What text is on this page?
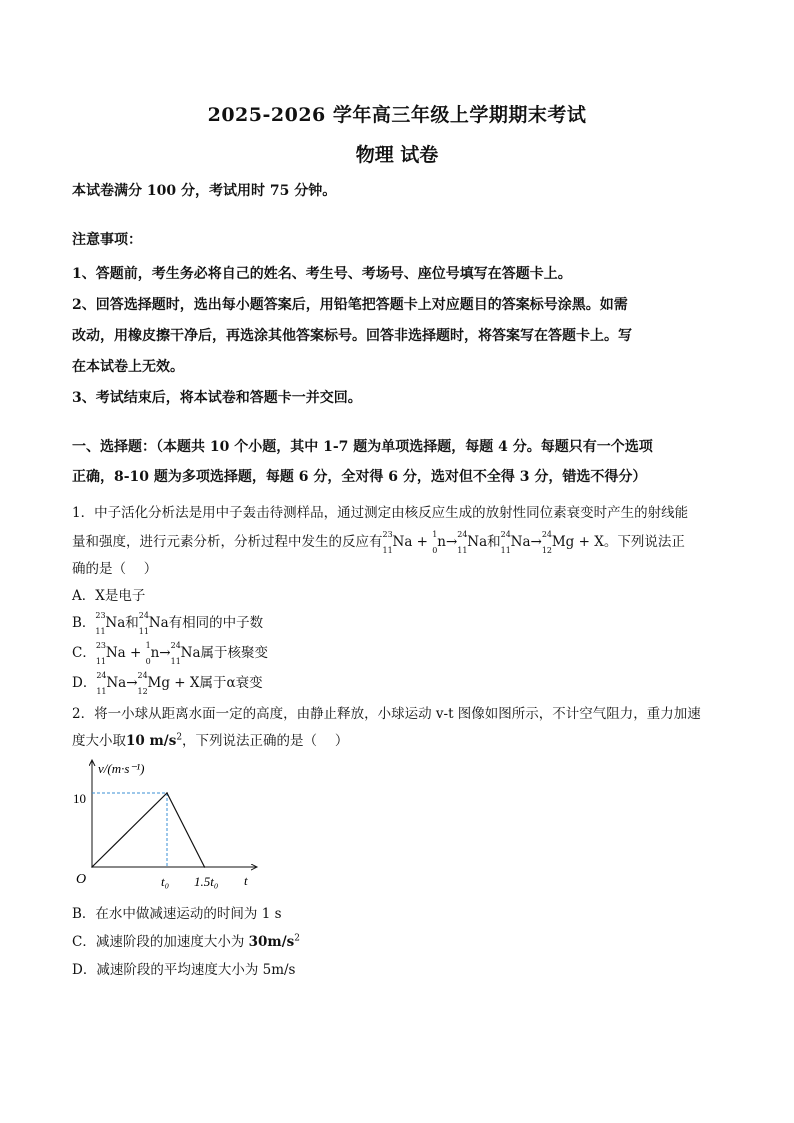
2025-2026 学年高三年级上学期期末考试
物理 试卷
本试卷满分 100 分，考试用时 75 分钟。
注意事项：
1、答题前，考生务必将自己的姓名、考生号、考场号、座位号填写在答题卡上。
2、回答选择题时，选出每小题答案后，用铅笔把答题卡上对应题目的答案标号涂黑。如需
改动，用橡皮擦干净后，再选涂其他答案标号。回答非选择题时，将答案写在答题卡上。写
在本试卷上无效。
3、考试结束后，将本试卷和答题卡一并交回。
一、选择题：（本题共 10 个小题，其中 1-7 题为单项选择题，每题 4 分。每题只有一个选项
正确，8-10 题为多项选择题，每题 6 分，全对得 6 分，选对但不全得 3 分，错选不得分）
1．中子活化分析法是用中子轰击待测样品，通过测定由核反应生成的放射性同位素衰变时产生的射线能
量和强度，进行元素分析，分析过程中发生的反应有 23
11
Na + 1
0
n→ 24
11
Na和 24
11
Na→ 24
12
Mg + X。下列说法正
确的是（　 ）
A．X是电子
B． 23
11
Na和 24
11
Na有相同的中子数
C． 23
11
Na + 1
0
n→ 24
11
Na属于核聚变
D． 24
11
Na→ 24
12
Mg + X属于α衰变
2．将一小球从距离水面一定的高度，由静止释放，小球运动 v-t 图像如图所示，不计空气阻力，重力加速
度大小取10 $m/s^2$，下列说法正确的是（　 ）
v/(m·s⁻¹)
O	t
10
t₀ 1.5t₀
B．在水中做减速运动的时间为 1 s
C．减速阶段的加速度大小为 $30m/s^2$
D．减速阶段的平均速度大小为 5m/s
